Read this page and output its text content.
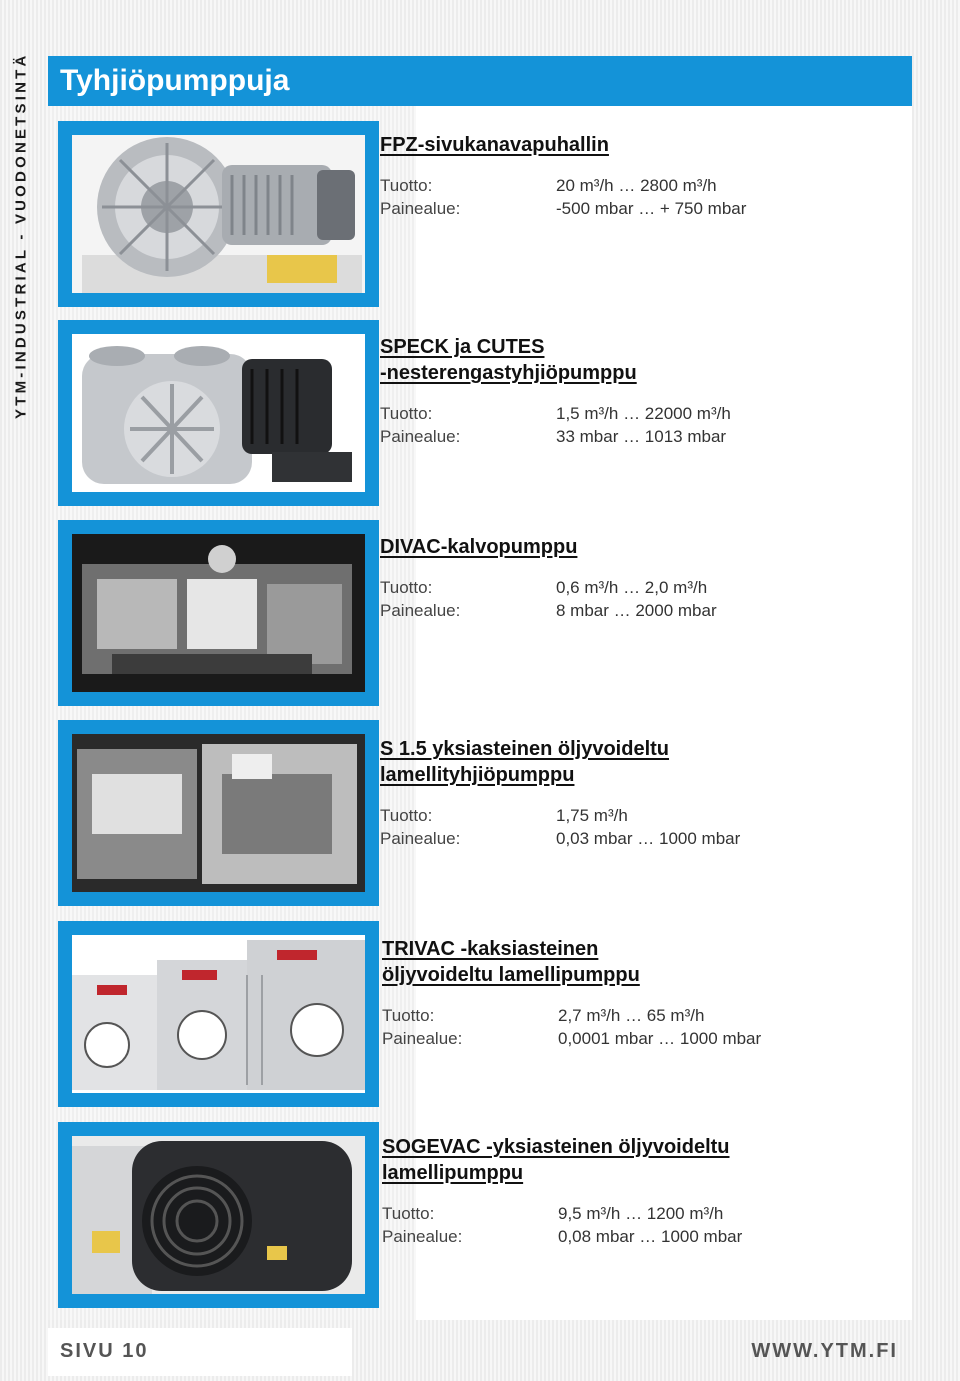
YTM-INDUSTRIAL - VUODONETSINTÄ Tyhjiöpumppuja
FPZ-sivukanavapuhallin
Tuotto:	20 m³/h … 2800 m³/h
Painealue:	-500 mbar … + 750 mbar
SPECK ja CUTES
-nesterengastyhjiöpumppu
Tuotto:	1,5 m³/h … 22000 m³/h
Painealue:	33 mbar … 1013 mbar
DIVAC-kalvopumppu
Tuotto:	0,6 m³/h … 2,0 m³/h
Painealue:	8 mbar … 2000 mbar
S 1.5 yksiasteinen öljyvoideltu
lamellityhjiöpumppu
Tuotto:	1,75 m³/h
Painealue:	0,03 mbar … 1000 mbar
TRIVAC -kaksiasteinen
öljyvoideltu lamellipumppu
Tuotto:	2,7 m³/h … 65 m³/h
Painealue:	0,0001 mbar … 1000 mbar
SOGEVAC -yksiasteinen öljyvoideltu
lamellipumppu
Tuotto:	9,5 m³/h … 1200 m³/h
Painealue:	0,08 mbar … 1000 mbar
SIVU 10	WWW.YTM.FI
